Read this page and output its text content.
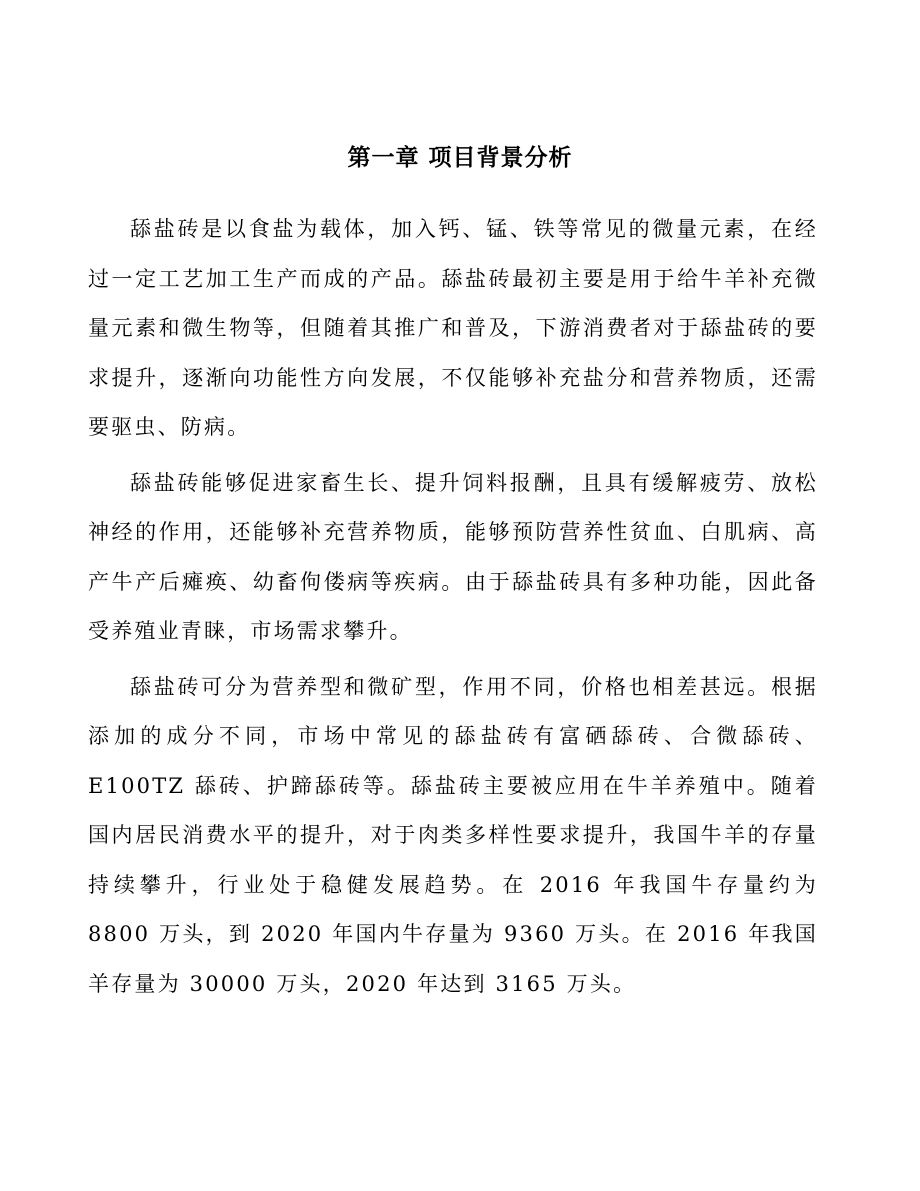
第一章 项目背景分析

舔盐砖是以食盐为载体，加入钙、锰、铁等常见的微量元素，在经过一定工艺加工生产而成的产品。舔盐砖最初主要是用于给牛羊补充微量元素和微生物等，但随着其推广和普及，下游消费者对于舔盐砖的要求提升，逐渐向功能性方向发展，不仅能够补充盐分和营养物质，还需要驱虫、防病。

舔盐砖能够促进家畜生长、提升饲料报酬，且具有缓解疲劳、放松神经的作用，还能够补充营养物质，能够预防营养性贫血、白肌病、高产牛产后瘫痪、幼畜佝偻病等疾病。由于舔盐砖具有多种功能，因此备受养殖业青睐，市场需求攀升。

舔盐砖可分为营养型和微矿型，作用不同，价格也相差甚远。根据添加的成分不同，市场中常见的舔盐砖有富硒舔砖、合微舔砖、E100TZ 舔砖、护蹄舔砖等。舔盐砖主要被应用在牛羊养殖中。随着国内居民消费水平的提升，对于肉类多样性要求提升，我国牛羊的存量持续攀升，行业处于稳健发展趋势。在 2016 年我国牛存量约为 8800 万头，到 2020 年国内牛存量为 9360 万头。在 2016 年我国羊存量为 30000 万头，2020 年达到 3165 万头。
